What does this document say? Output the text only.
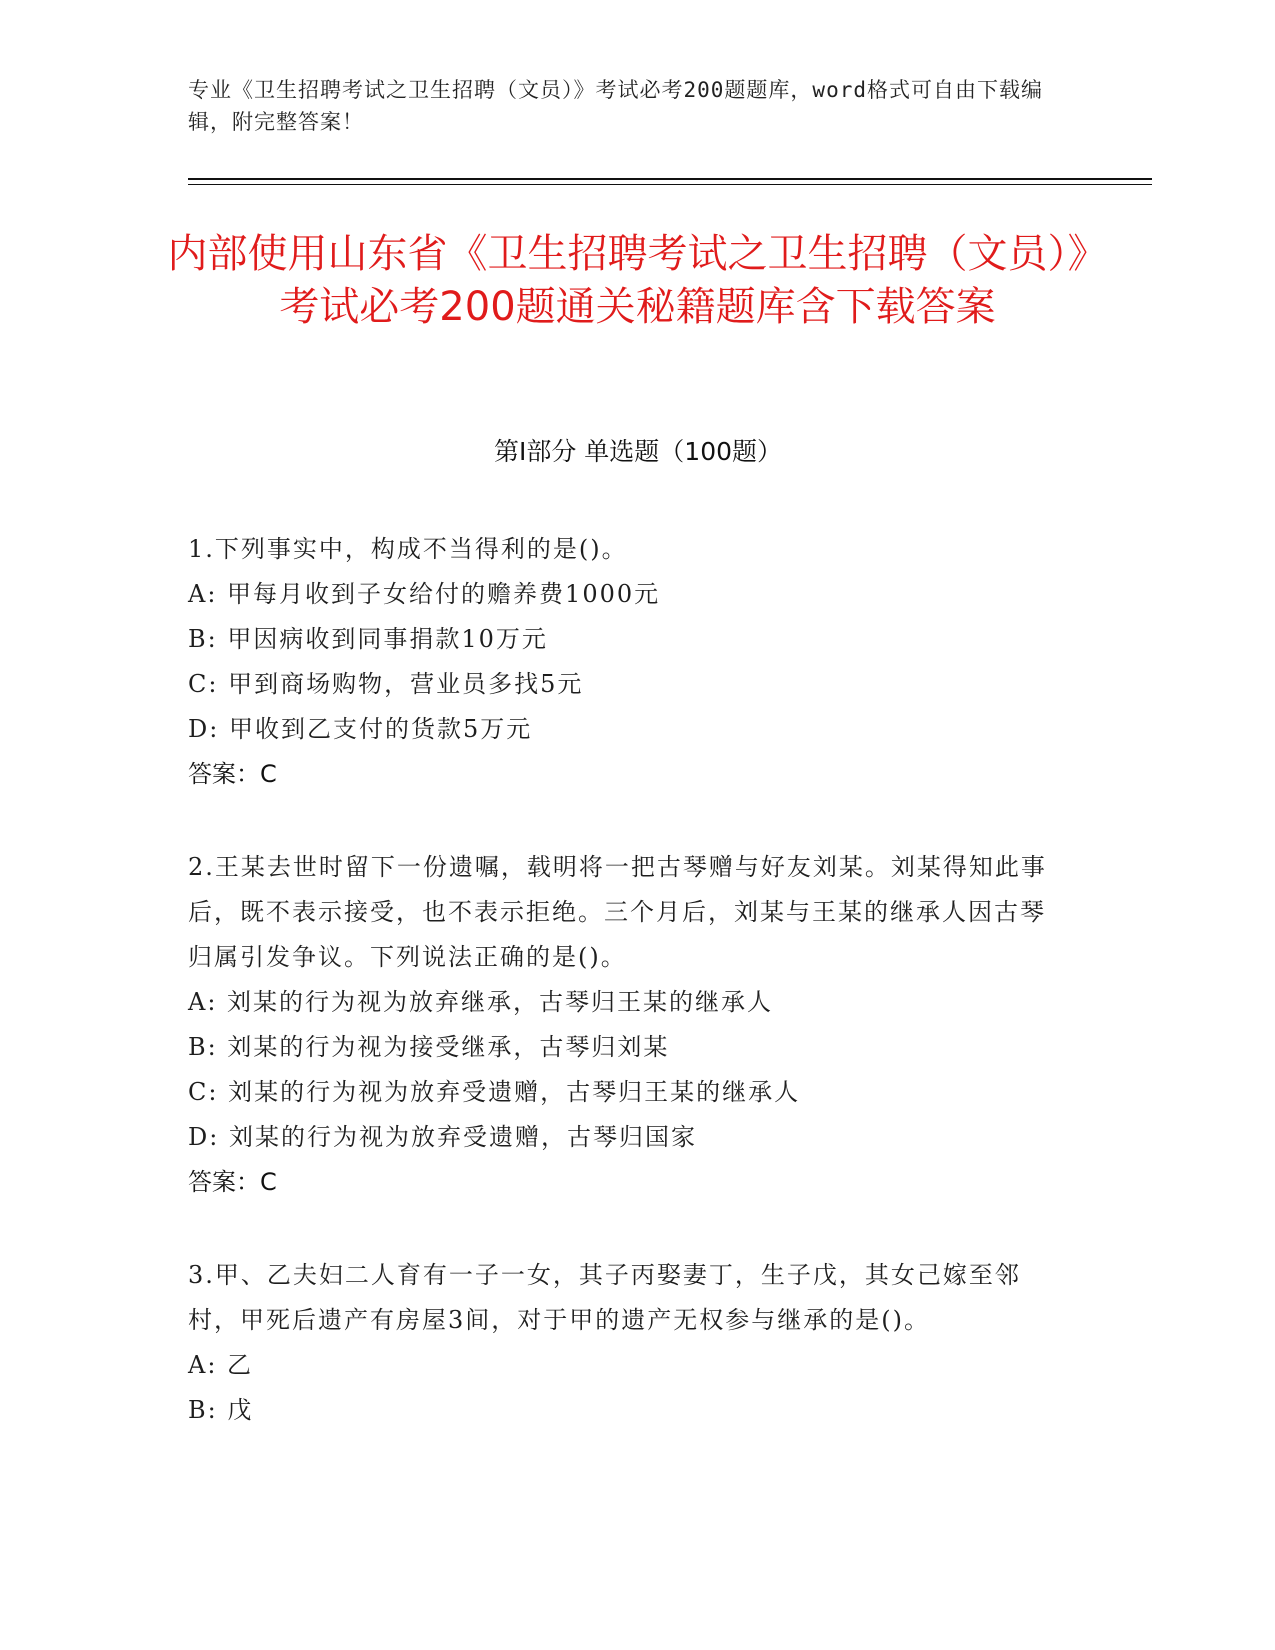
专业《卫生招聘考试之卫生招聘（文员）》考试必考200题题库，word格式可自由下载编辑，附完整答案！
内部使用山东省《卫生招聘考试之卫生招聘（文员）》考试必考200题通关秘籍题库含下载答案
第Ⅰ部分 单选题（100题）
1.下列事实中，构成不当得利的是()。
A: 甲每月收到子女给付的赡养费1000元
B: 甲因病收到同事捐款10万元
C: 甲到商场购物，营业员多找5元
D: 甲收到乙支付的货款5万元
答案：C
2.王某去世时留下一份遗嘱，载明将一把古琴赠与好友刘某。刘某得知此事后，既不表示接受，也不表示拒绝。三个月后，刘某与王某的继承人因古琴归属引发争议。下列说法正确的是()。
A: 刘某的行为视为放弃继承，古琴归王某的继承人
B: 刘某的行为视为接受继承，古琴归刘某
C: 刘某的行为视为放弃受遗赠，古琴归王某的继承人
D: 刘某的行为视为放弃受遗赠，古琴归国家
答案：C
3.甲、乙夫妇二人育有一子一女，其子丙娶妻丁，生子戊，其女己嫁至邻村，甲死后遗产有房屋3间，对于甲的遗产无权参与继承的是()。
A: 乙
B: 戊
